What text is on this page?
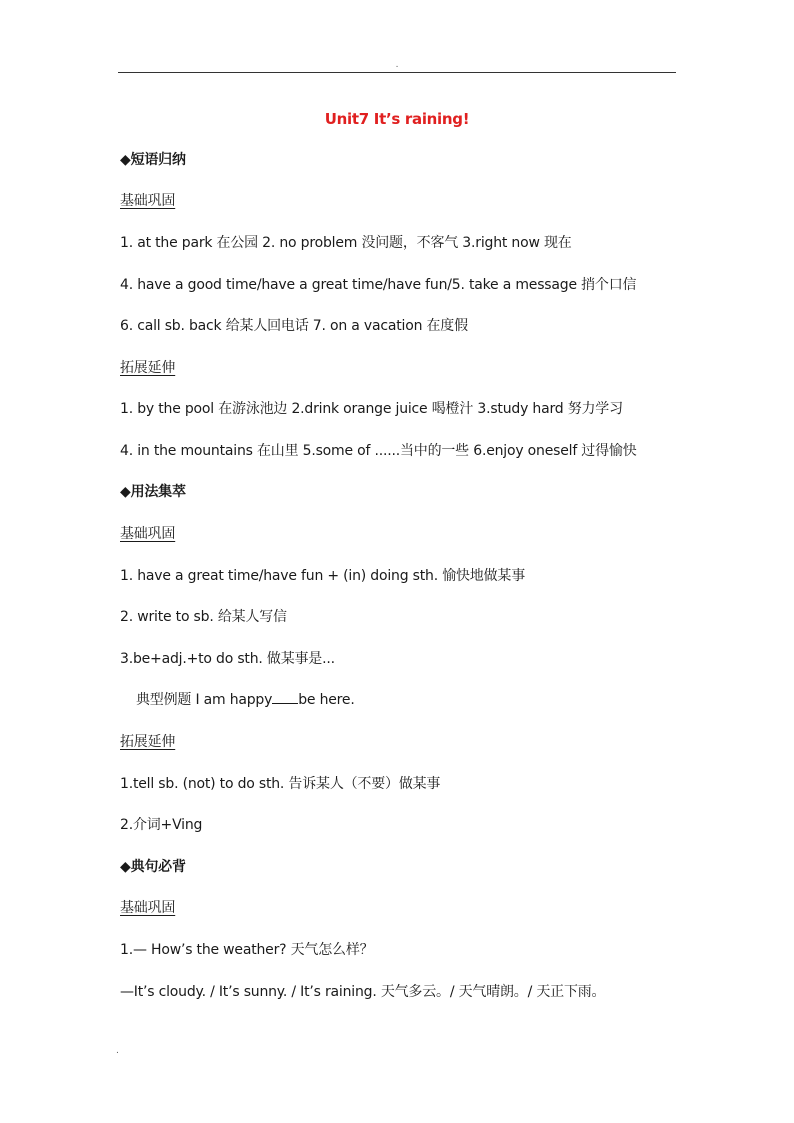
.
Unit7 It’s raining!
◆短语归纳
基础巩固
1. at the park 在公园 2. no problem 没问题，不客气 3.right now 现在
4. have a good time/have a great time/have fun/5. take a message 捎个口信
6. call sb. back 给某人回电话 7. on a vacation 在度假
拓展延伸
1. by the pool 在游泳池边 2.drink orange juice 喝橙汁 3.study hard 努力学习
4. in the mountains 在山里 5.some of ......当中的一些 6.enjoy oneself 过得愉快
◆用法集萃
基础巩固
1. have a great time/have fun + (in) doing sth. 愉快地做某事
2. write to sb. 给某人写信
3.be+adj.+to do sth. 做某事是...
典型例题 I am happy be here.
拓展延伸
1.tell sb. (not) to do sth. 告诉某人（不要）做某事
2.介词+Ving
◆典句必背
基础巩固
1.— How’s the weather? 天气怎么样？
—It’s cloudy. / It’s sunny. / It’s raining. 天气多云。/ 天气晴朗。/ 天正下雨。
.
